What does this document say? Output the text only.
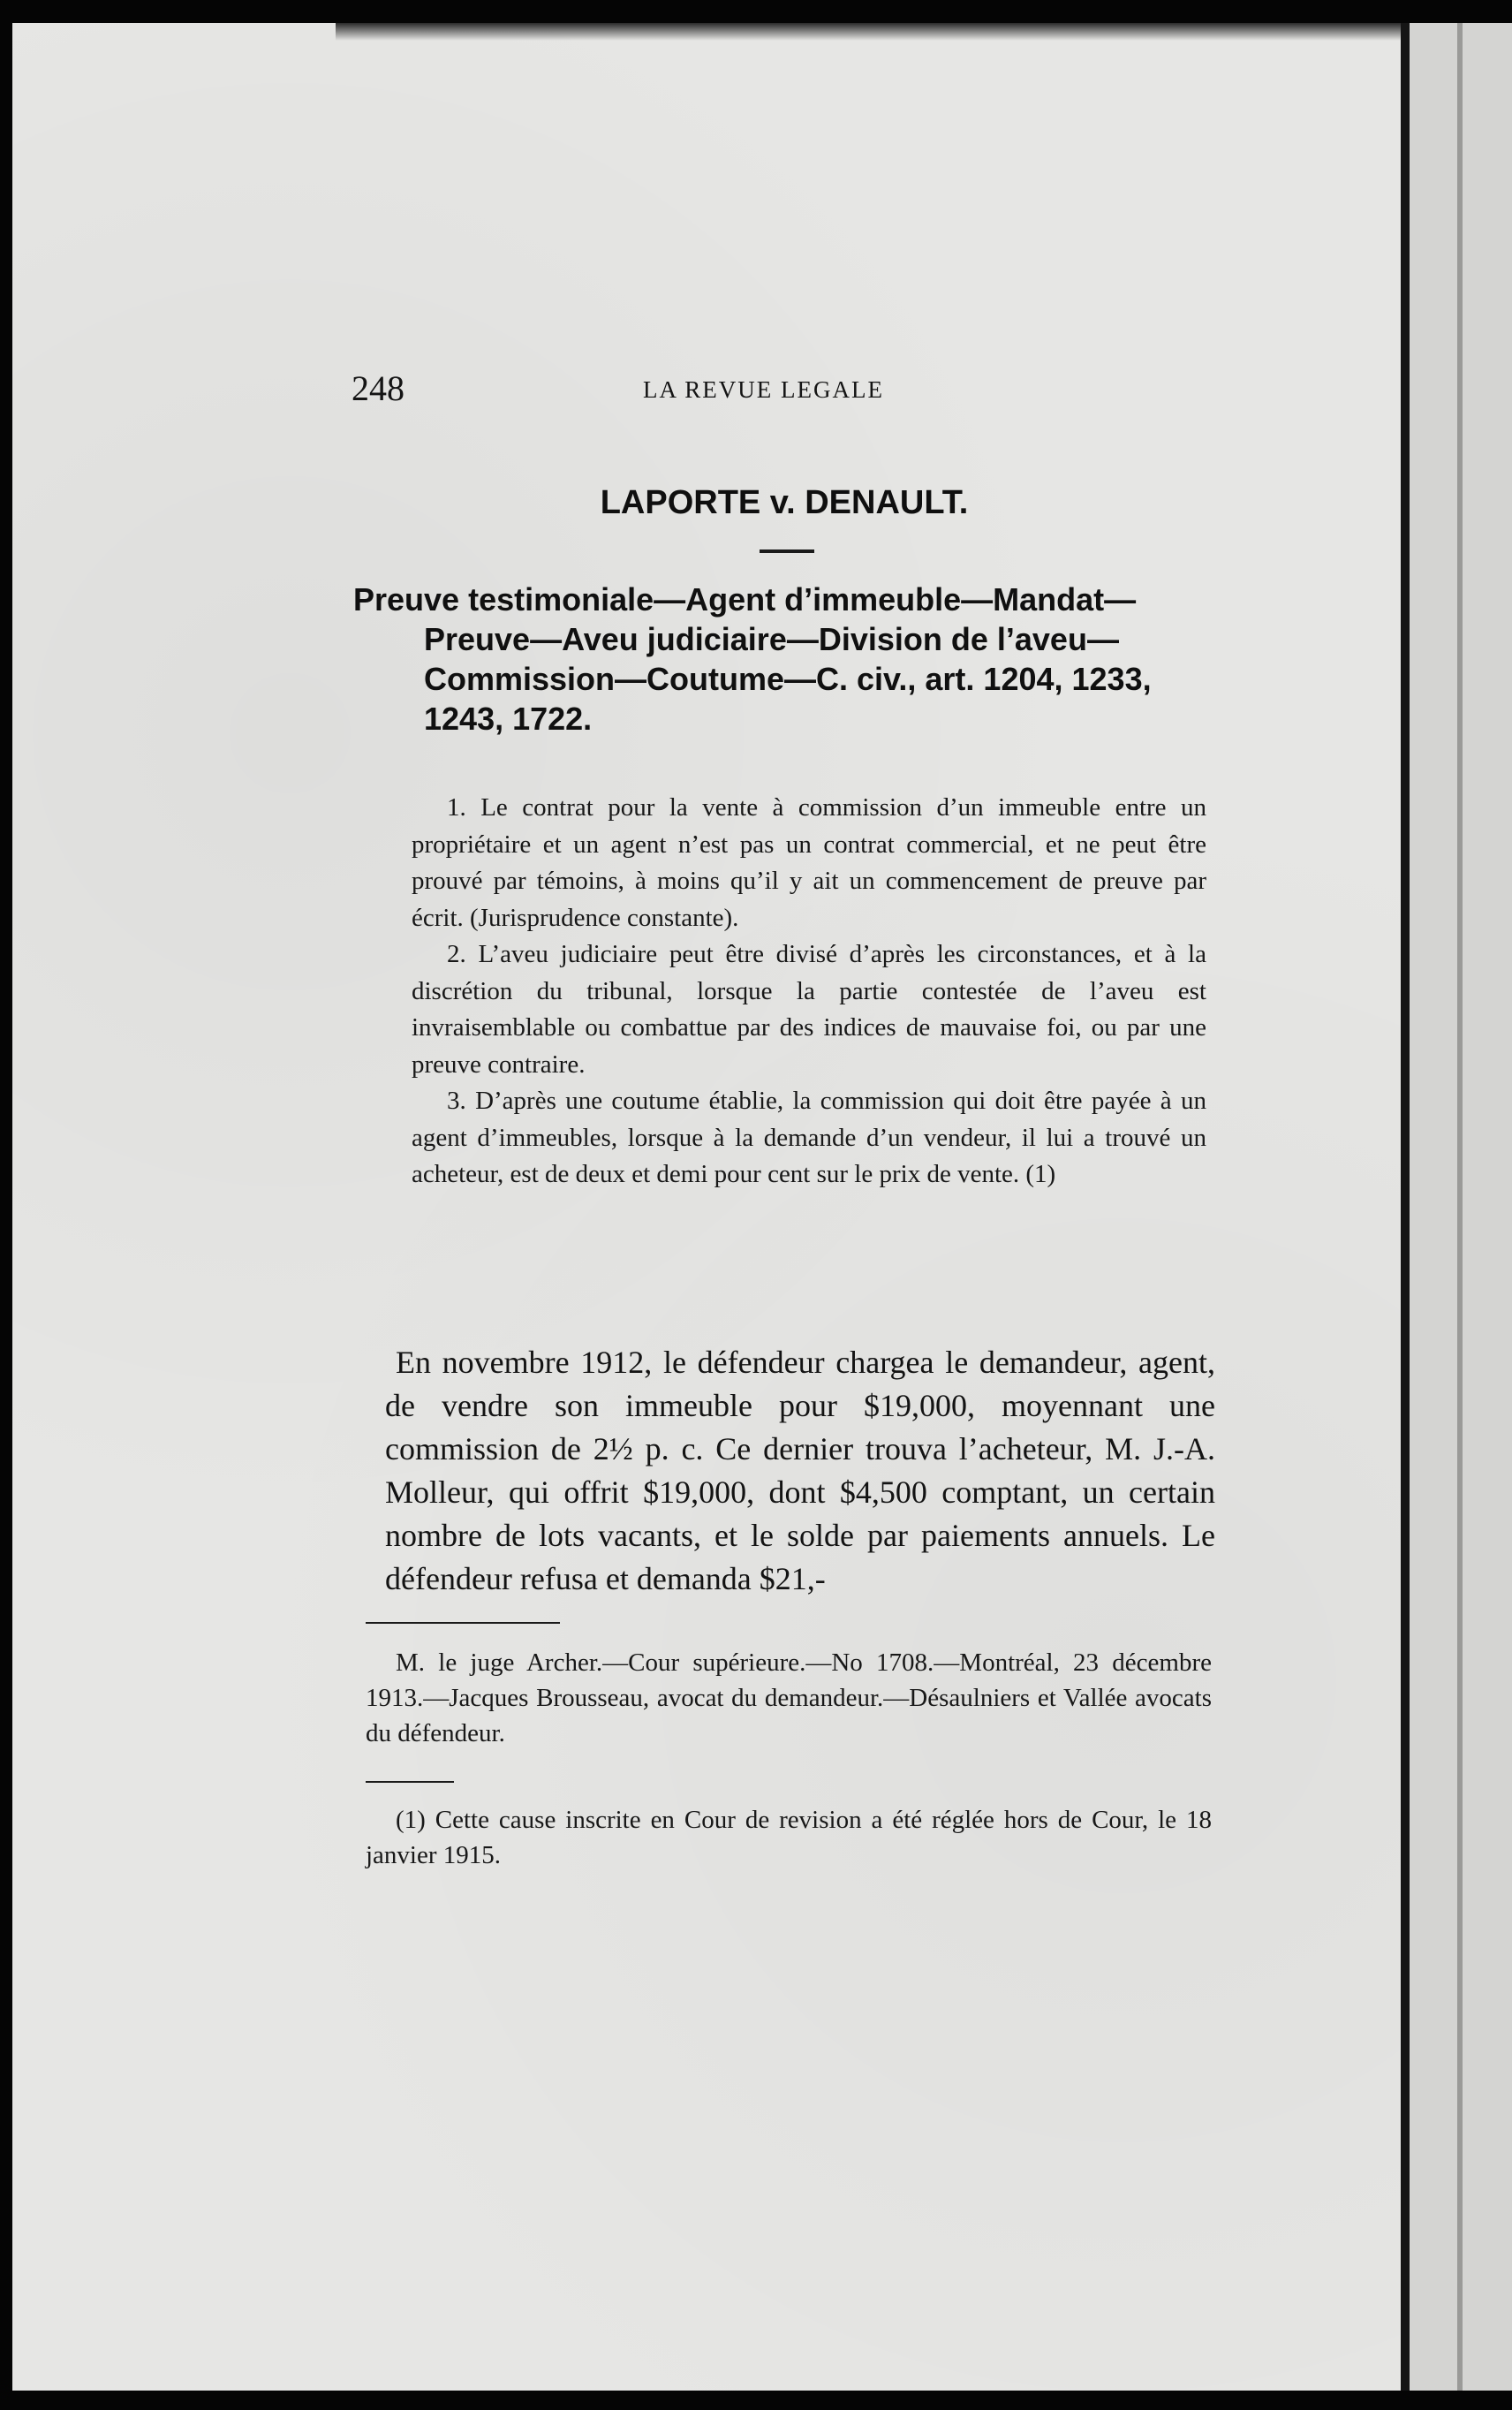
248	LA REVUE LEGALE
LAPORTE v. DENAULT.
Preuve testimoniale—Agent d’immeuble—Mandat—
Preuve—Aveu judiciaire—Division de l’aveu—
Commission—Coutume—C. civ., art. 1204, 1233,
1243, 1722.

1. Le contrat pour la vente à commission d’un immeuble entre un propriétaire et un agent n’est pas un contrat commercial, et ne peut être prouvé par témoins, à moins qu’il y ait un commencement de preuve par écrit. (Jurisprudence constante).

2. L’aveu judiciaire peut être divisé d’après les circonstances, et à la discrétion du tribunal, lorsque la partie contestée de l’aveu est invraisemblable ou combattue par des indices de mauvaise foi, ou par une preuve contraire.

3. D’après une coutume établie, la commission qui doit être payée à un agent d’immeubles, lorsque à la demande d’un vendeur, il lui a trouvé un acheteur, est de deux et demi pour cent sur le prix de vente. (1)

En novembre 1912, le défendeur chargea le demandeur, agent, de vendre son immeuble pour $19,000, moyennant une commission de 2½ p. c. Ce dernier trouva l’acheteur, M. J.-A. Molleur, qui offrit $19,000, dont $4,500 comptant, un certain nombre de lots vacants, et le solde par paiements annuels. Le défendeur refusa et demanda $21,-

M. le juge Archer.—Cour supérieure.—No 1708.—Montréal, 23 décembre 1913.—Jacques Brousseau, avocat du demandeur.—Désaulniers et Vallée avocats du défendeur.

(1) Cette cause inscrite en Cour de revision a été réglée hors de Cour, le 18 janvier 1915.
